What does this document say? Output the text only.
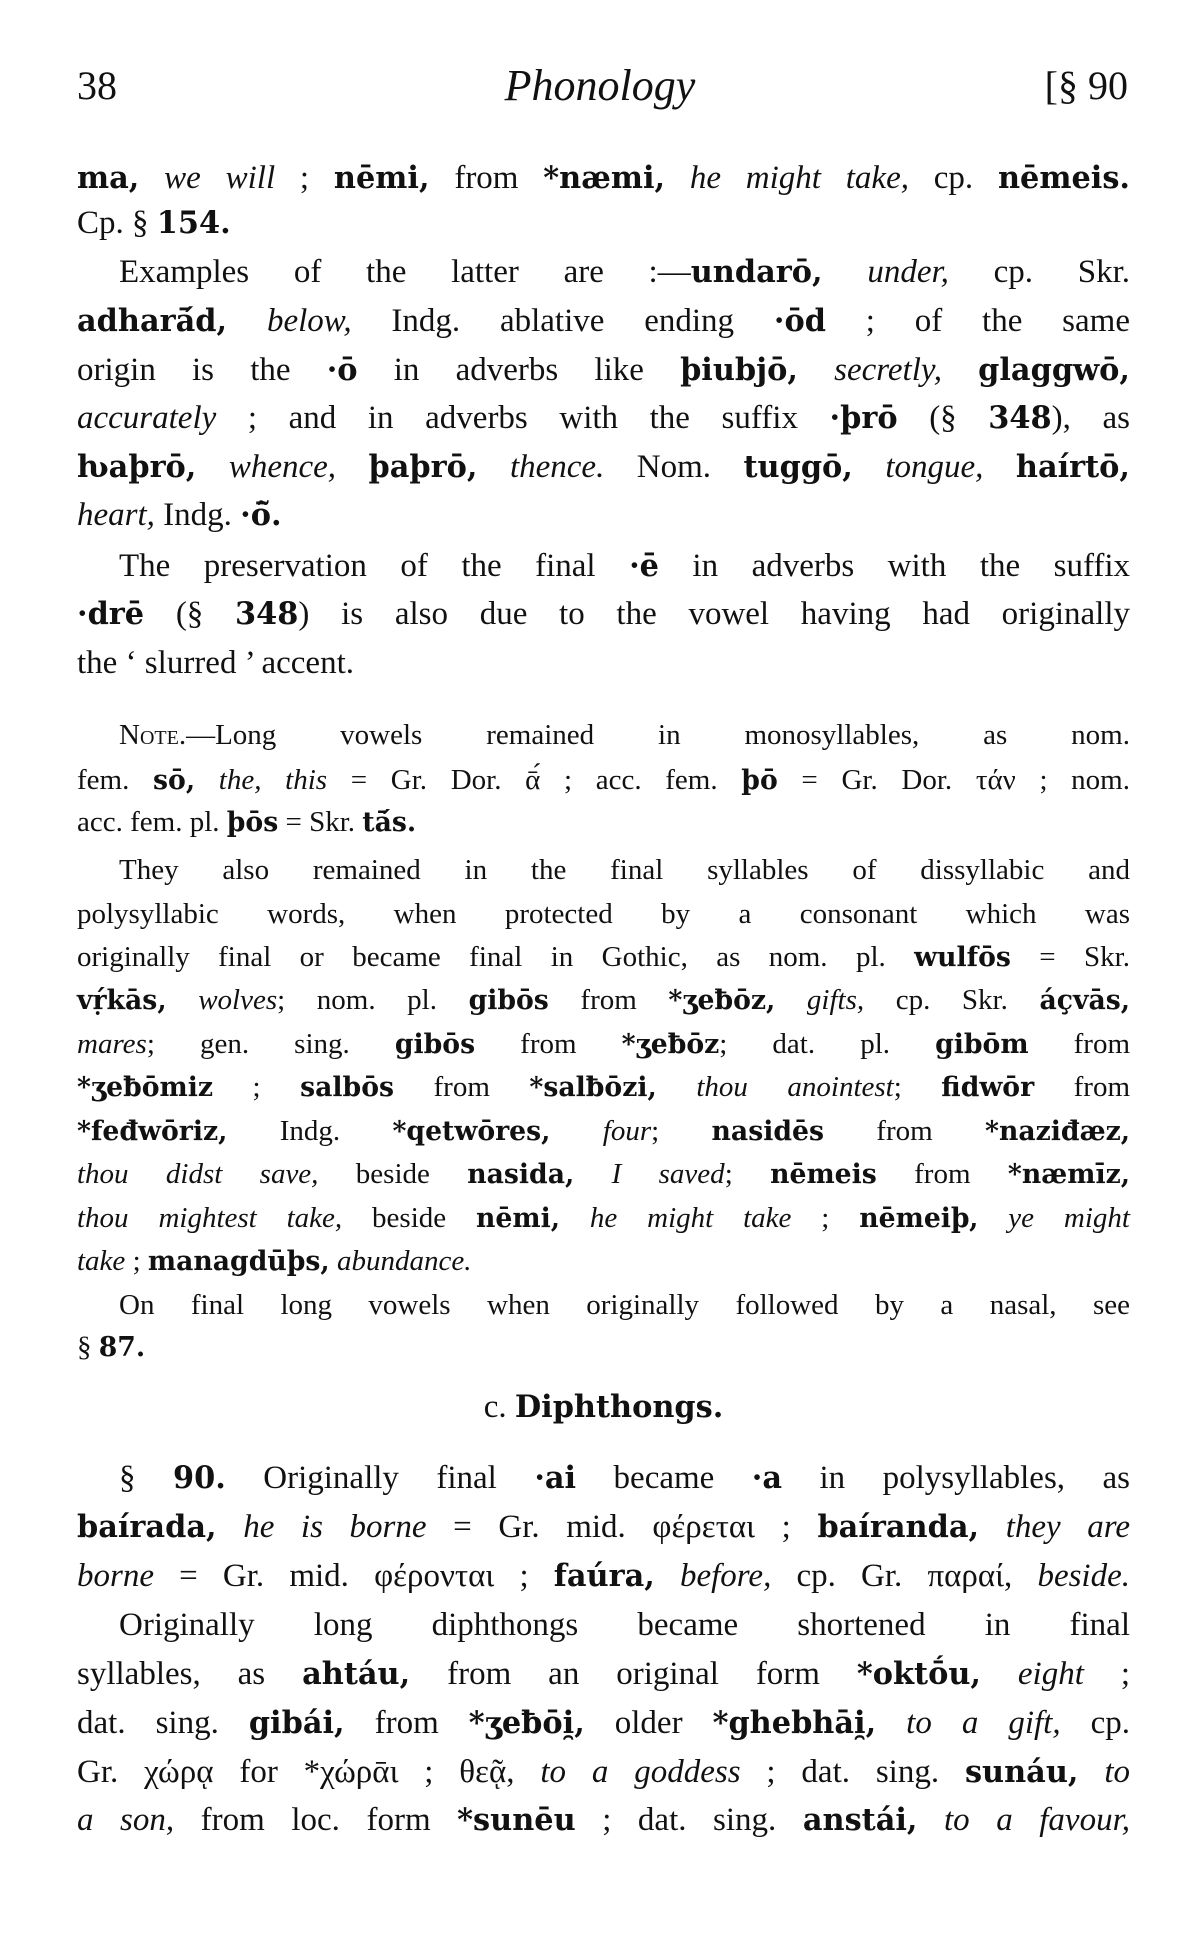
38	Phonology	[§ 90
ma, we will ; nēmi, from *næmi, he might take, cp. nēmeis.
Cp. § 154.
Examples of the latter are :—undarō, under, cp. Skr.
adharā́d, below, Indg. ablative ending ·ōd ; of the same
origin is the ·ō in adverbs like þiubjō, secretly, glaggwō,
accurately ; and in adverbs with the suffix ·þrō (§ 348), as
ƕaþrō, whence, þaþrō, thence. Nom. tuggō, tongue, haírtō,
heart, Indg. ·ō̃.
The preservation of the final ·ē in adverbs with the suffix
·drē (§ 348) is also due to the vowel having had originally
the ‘ slurred ’ accent.
Note.—Long vowels remained in monosyllables, as nom.
fem. sō, the, this = Gr. Dor. ᾱ́ ; acc. fem. þō = Gr. Dor. τάν ; nom.
acc. fem. pl. þōs = Skr. tā́s.
They also remained in the final syllables of dissyllabic and
polysyllabic words, when protected by a consonant which was
originally final or became final in Gothic, as nom. pl. wulfōs = Skr.
vṛ́kās, wolves; nom. pl. gibōs from *ʒeƀōz, gifts, cp. Skr. áçvās,
mares; gen. sing. gibōs from *ʒeƀōz; dat. pl. gibōm from
*ʒeƀōmiz ; salbōs from *salƀōzi, thou anointest; fidwōr from
*feđwōriz, Indg. *qetwōres, four; nasidēs from *naziđæz,
thou didst save, beside nasida, I saved; nēmeis from *næmīz,
thou mightest take, beside nēmi, he might take ; nēmeiþ, ye might
take ; managdūþs, abundance.
On final long vowels when originally followed by a nasal, see
§ 87.
c. Diphthongs.
§ 90. Originally final ·ai became ·a in polysyllables, as
baírada, he is borne = Gr. mid. φέρεται ; baíranda, they are
borne = Gr. mid. φέρονται ; faúra, before, cp. Gr. παραί, beside.
Originally long diphthongs became shortened in final
syllables, as ahtáu, from an original form *oktṓu, eight ;
dat. sing. gibái, from *ʒeƀōi̯, older *ghebhāi̯, to a gift, cp.
Gr. χώρᾳ for *χώρᾱι ; θεᾷ, to a goddess ; dat. sing. sunáu, to
a son, from loc. form *sunēu ; dat. sing. anstái, to a favour,
